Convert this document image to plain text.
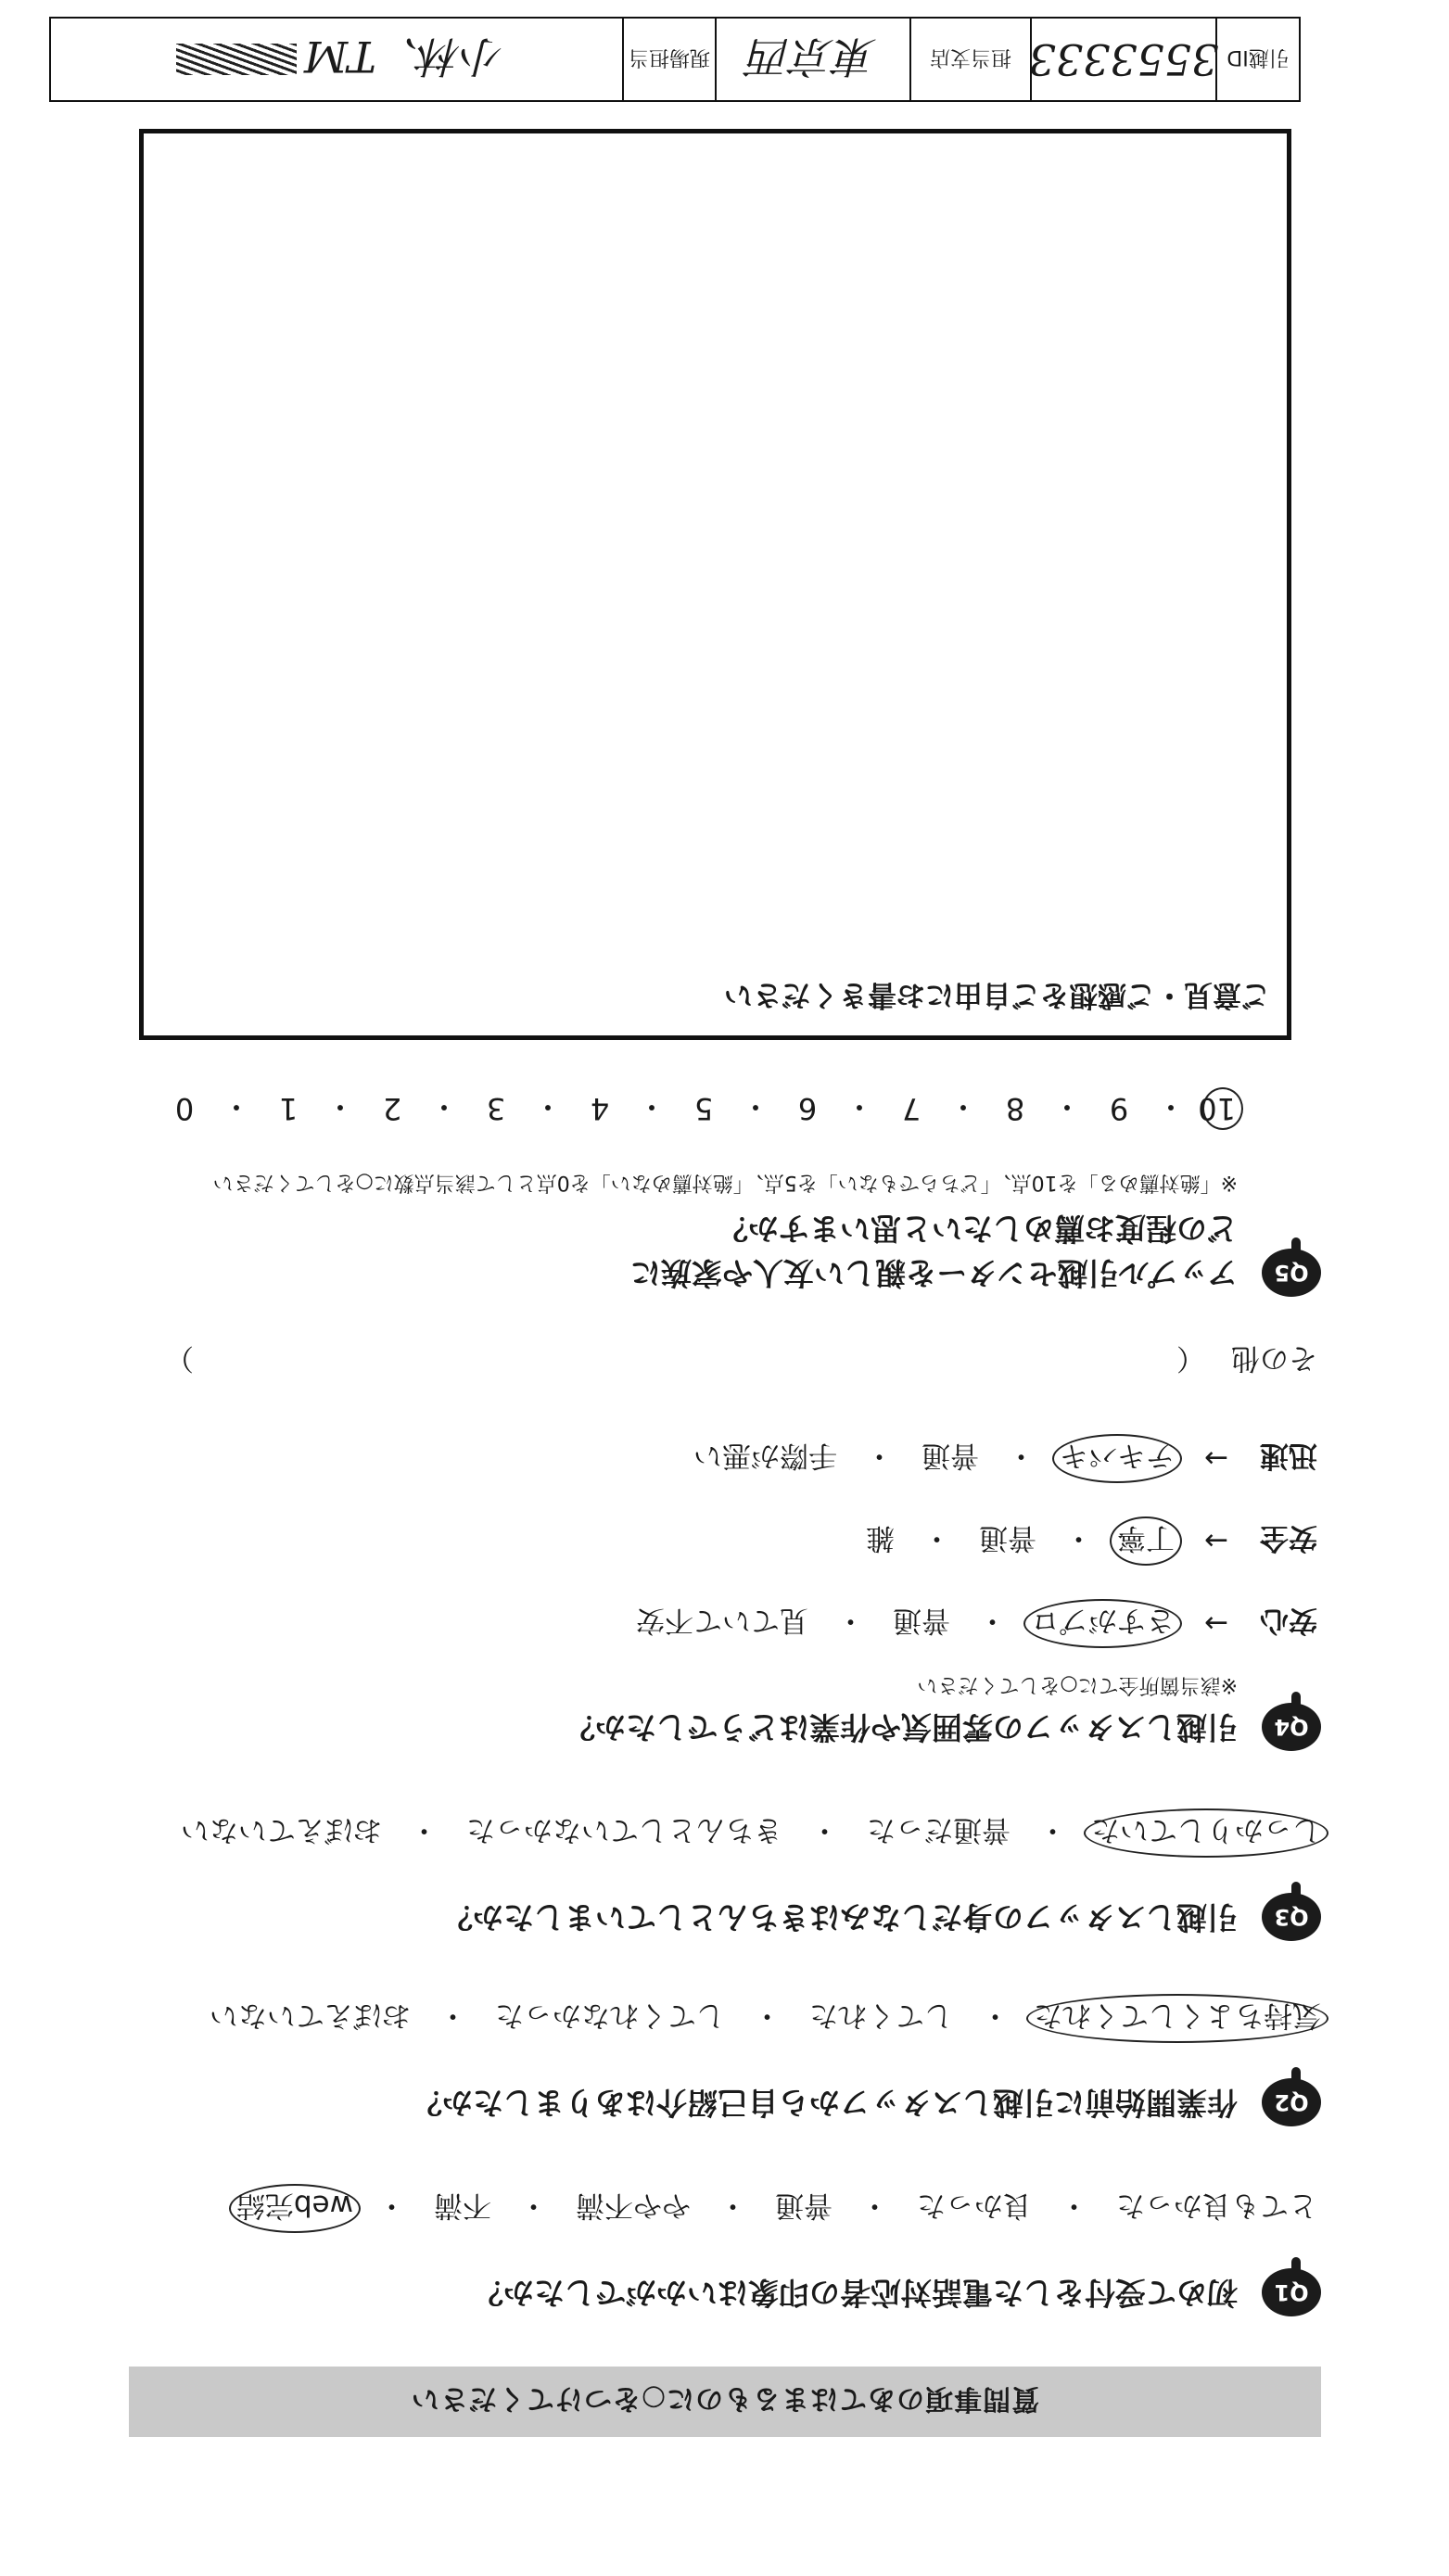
質問事項のあてはまるものに○をつけてください
Q1
初めて受付をした電話対応者の印象はいかがでしたか？
とても良かった
・
良かった
・
普通
・
やや不満
・
不満
・
web完結
Q2
作業開始前に引越しスタッフから自己紹介はありましたか？
気持ちよくしてくれた
・
してくれた
・
してくれなかった
・
おぼえていない
Q3
引越しスタッフの身だしなみはきちんとしていましたか？
しっかりしていた
・
普通だった
・
きちんとしていなかった
・
おぼえていない
Q4
引越しスタッフの雰囲気や作業はどうでしたか？
※該当箇所全てに○をしてください
安心
→
さすがプロ
・
普通
・
見ていて不安
安全
→
丁寧
・
普通
・
雑
迅速
→
テキパキ
・
普通
・
手際が悪い
その他
（
）
Q5
アップル引越センターを親しい友人や家族に
どの程度お薦めしたいと思いますか？
※「絶対薦める」を10点、「どちらでもない」を5点、「絶対薦めない」を0点として該当点数に○をしてください
10
・
9
・
8
・
7
・
6
・
5
・
4
・
3
・
2
・
1
・
0
ご意見・ご感想をご自由にお書きください
引越ID
3553333
担当支店
東京西
現場担当
小林、TM
